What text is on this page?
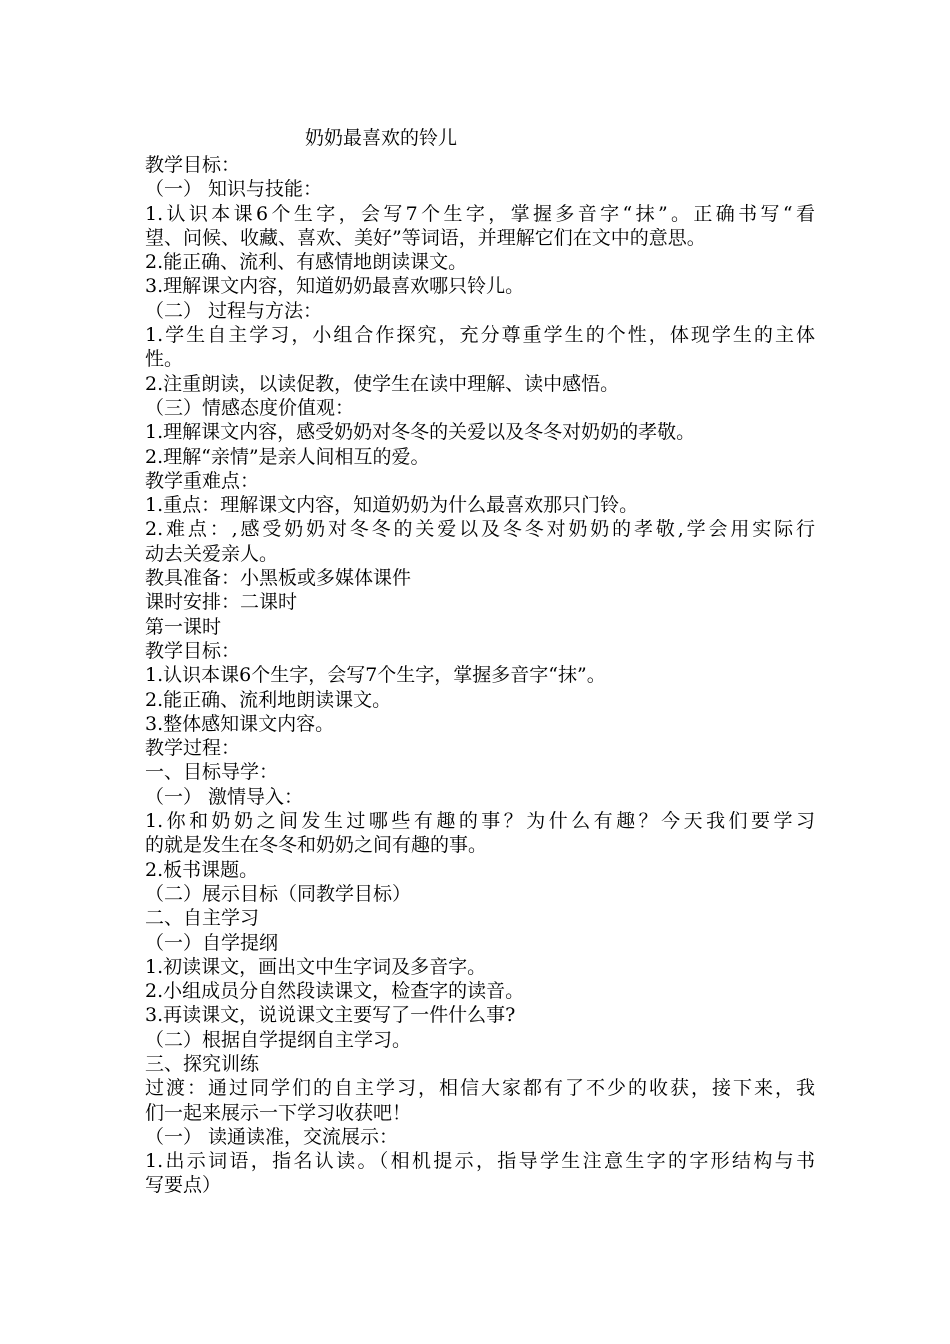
奶奶最喜欢的铃儿
教学目标：
（一） 知识与技能：
1.认识本课6个生字，会写7个生字，掌握多音字“抹”。正确书写“看
望、问候、收藏、喜欢、美好”等词语，并理解它们在文中的意思。
2.能正确、流利、有感情地朗读课文。
3.理解课文内容，知道奶奶最喜欢哪只铃儿。
（二） 过程与方法：
1.学生自主学习，小组合作探究，充分尊重学生的个性，体现学生的主体
性。
2.注重朗读，以读促教，使学生在读中理解、读中感悟。
（三）情感态度价值观：
1.理解课文内容，感受奶奶对冬冬的关爱以及冬冬对奶奶的孝敬。
2.理解“亲情”是亲人间相互的爱。
教学重难点：
1.重点：理解课文内容，知道奶奶为什么最喜欢那只门铃。
2.难点：,感受奶奶对冬冬的关爱以及冬冬对奶奶的孝敬,学会用实际行
动去关爱亲人。
教具准备：小黑板或多媒体课件
课时安排：二课时
第一课时
教学目标：
1.认识本课6个生字，会写7个生字，掌握多音字“抹”。
2.能正确、流利地朗读课文。
3.整体感知课文内容。
教学过程：
一、目标导学：
（一） 激情导入：
1.你和奶奶之间发生过哪些有趣的事？为什么有趣？今天我们要学习
的就是发生在冬冬和奶奶之间有趣的事。
2.板书课题。
（二）展示目标（同教学目标）
二、自主学习
（一）自学提纲
1.初读课文，画出文中生字词及多音字。
2.小组成员分自然段读课文，检查字的读音。
3.再读课文，说说课文主要写了一件什么事?
（二）根据自学提纲自主学习。
三、探究训练
过渡：通过同学们的自主学习，相信大家都有了不少的收获，接下来，我
们一起来展示一下学习收获吧！
（一） 读通读准，交流展示：
1.出示词语，指名认读。（相机提示，指导学生注意生字的字形结构与书
写要点）
